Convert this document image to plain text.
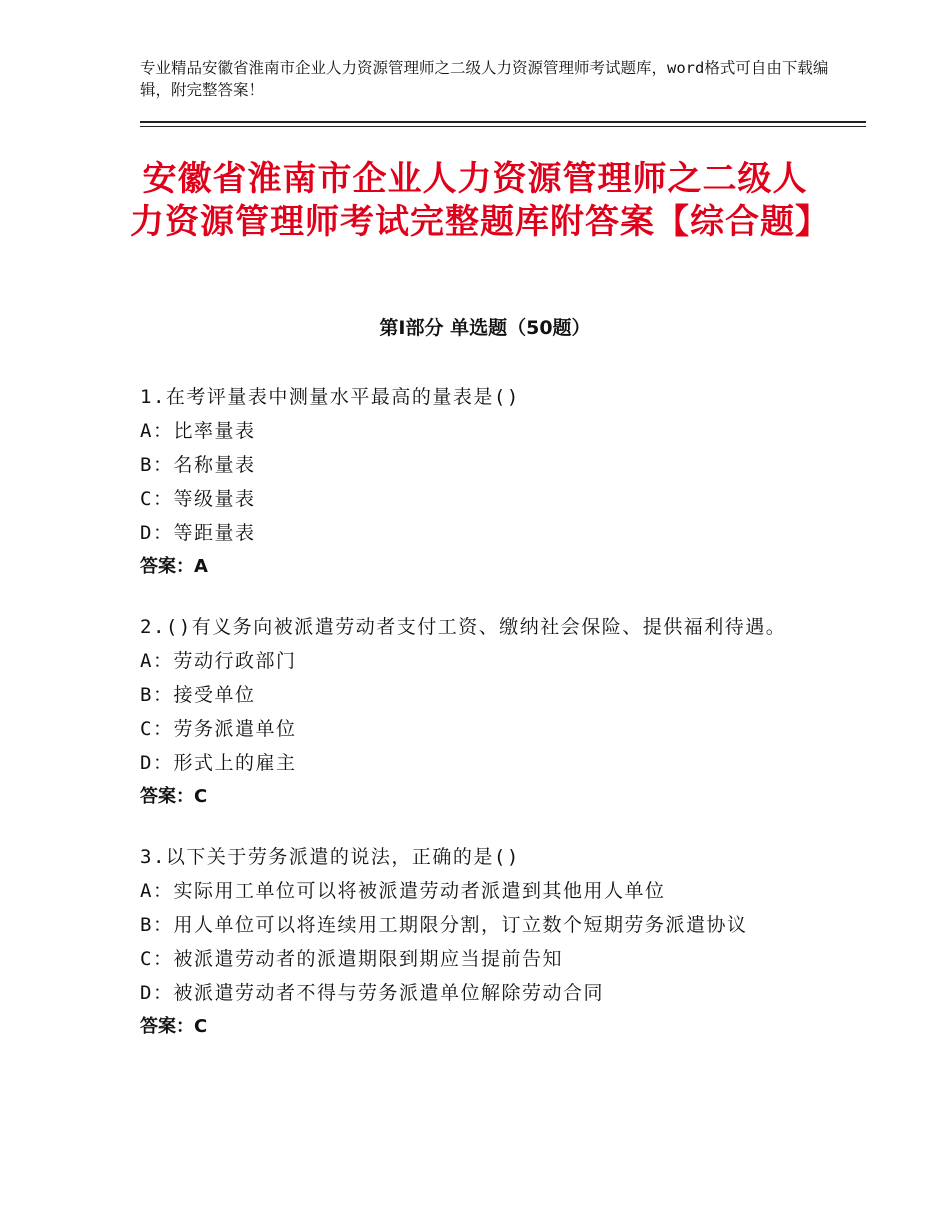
专业精品安徽省淮南市企业人力资源管理师之二级人力资源管理师考试题库，word格式可自由下载编辑，附完整答案！
安徽省淮南市企业人力资源管理师之二级人力资源管理师考试完整题库附答案【综合题】
第Ⅰ部分 单选题（50题）
1.在考评量表中测量水平最高的量表是()
A：比率量表
B：名称量表
C：等级量表
D：等距量表
答案：A
2.()有义务向被派遣劳动者支付工资、缴纳社会保险、提供福利待遇。
A：劳动行政部门
B：接受单位
C：劳务派遣单位
D：形式上的雇主
答案：C
3.以下关于劳务派遣的说法，正确的是()
A：实际用工单位可以将被派遣劳动者派遣到其他用人单位
B：用人单位可以将连续用工期限分割，订立数个短期劳务派遣协议
C：被派遣劳动者的派遣期限到期应当提前告知
D：被派遣劳动者不得与劳务派遣单位解除劳动合同
答案：C
